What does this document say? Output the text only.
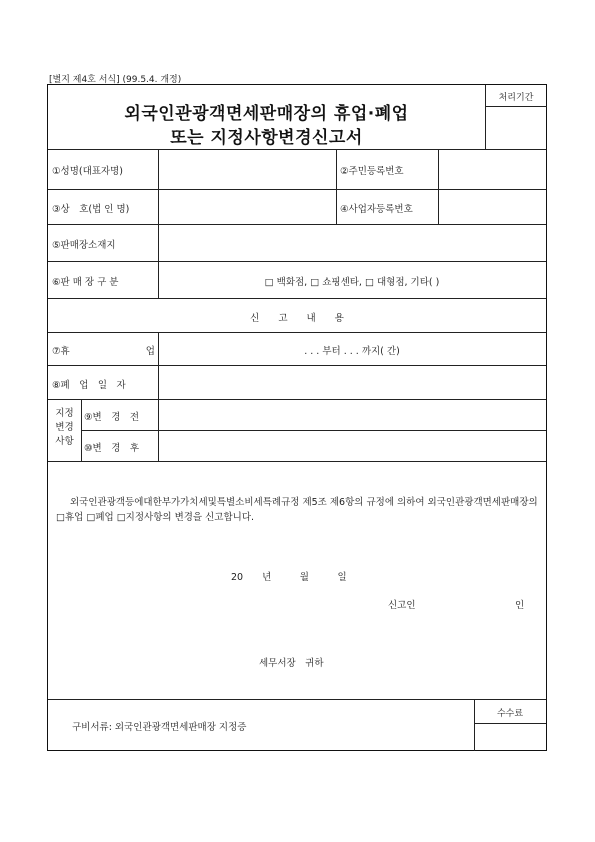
[별지 제4호 서식] (99.5.4. 개정)
외국인관광객면세판매장의 휴업·폐업
또는 지정사항변경신고서
처리기간
①성명(대표자명)	②주민등록번호
③상　호(법 인 명)	④사업자등록번호
⑤판매장소재지
⑥판 매 장 구 분	□ 백화점, □ 쇼핑센타, □ 대형점, 기타( )
신　　고　　내　　용
⑦휴　　　　　　　　업	. . . 부터 . . . 까지( 간)
⑧폐　업　일　자
지정
변경
사항
⑨변　경　전
⑩변　경　후
외국인관광객등에대한부가가치세및특별소비세특례규정 제5조 제6항의 규정에 의하여 외국인관광객면세판매장의 □휴업 □폐업 □지정사항의 변경을 신고합니다.
20　　년　　　월　　　일
신고인	인
세무서장　귀하
구비서류: 외국인관광객면세판매장 지정증
수수료
